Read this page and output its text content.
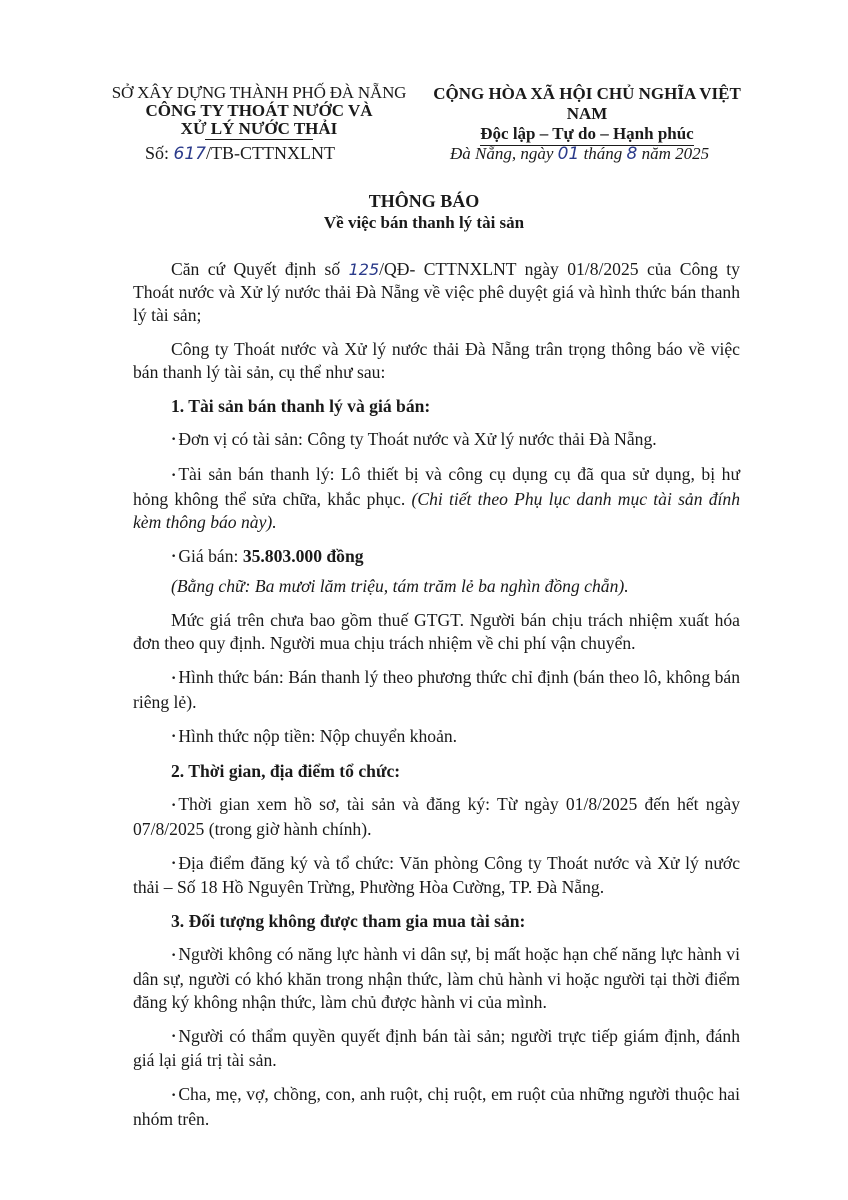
SỞ XÂY DỰNG THÀNH PHỐ ĐÀ NẴNG
CÔNG TY THOÁT NƯỚC VÀ
XỬ LÝ NƯỚC THẢI
Số: 617/TB-CTTNXLNT
CỘNG HÒA XÃ HỘI CHỦ NGHĨA VIỆT NAM
Độc lập – Tự do – Hạnh phúc
Đà Nẵng, ngày 01 tháng 8 năm 2025
THÔNG BÁO
Về việc bán thanh lý tài sản

Căn cứ Quyết định số 125/QĐ- CTTNXLNT ngày 01/8/2025 của Công ty Thoát nước và Xử lý nước thải Đà Nẵng về việc phê duyệt giá và hình thức bán thanh lý tài sản;

Công ty Thoát nước và Xử lý nước thải Đà Nẵng trân trọng thông báo về việc bán thanh lý tài sản, cụ thể như sau:

1. Tài sản bán thanh lý và giá bán:

• Đơn vị có tài sản: Công ty Thoát nước và Xử lý nước thải Đà Nẵng.

• Tài sản bán thanh lý: Lô thiết bị và công cụ dụng cụ đã qua sử dụng, bị hư hỏng không thể sửa chữa, khắc phục. (Chi tiết theo Phụ lục danh mục tài sản đính kèm thông báo này).

• Giá bán: 35.803.000 đồng

(Bằng chữ: Ba mươi lăm triệu, tám trăm lẻ ba nghìn đồng chẵn).

Mức giá trên chưa bao gồm thuế GTGT. Người bán chịu trách nhiệm xuất hóa đơn theo quy định. Người mua chịu trách nhiệm về chi phí vận chuyển.

• Hình thức bán: Bán thanh lý theo phương thức chỉ định (bán theo lô, không bán riêng lẻ).

• Hình thức nộp tiền: Nộp chuyển khoản.

2. Thời gian, địa điểm tổ chức:

• Thời gian xem hồ sơ, tài sản và đăng ký: Từ ngày 01/8/2025 đến hết ngày 07/8/2025 (trong giờ hành chính).

• Địa điểm đăng ký và tổ chức: Văn phòng Công ty Thoát nước và Xử lý nước thải – Số 18 Hồ Nguyên Trừng, Phường Hòa Cường, TP. Đà Nẵng.

3. Đối tượng không được tham gia mua tài sản:

• Người không có năng lực hành vi dân sự, bị mất hoặc hạn chế năng lực hành vi dân sự, người có khó khăn trong nhận thức, làm chủ hành vi hoặc người tại thời điểm đăng ký không nhận thức, làm chủ được hành vi của mình.

• Người có thẩm quyền quyết định bán tài sản; người trực tiếp giám định, đánh giá lại giá trị tài sản.

• Cha, mẹ, vợ, chồng, con, anh ruột, chị ruột, em ruột của những người thuộc hai nhóm trên.
